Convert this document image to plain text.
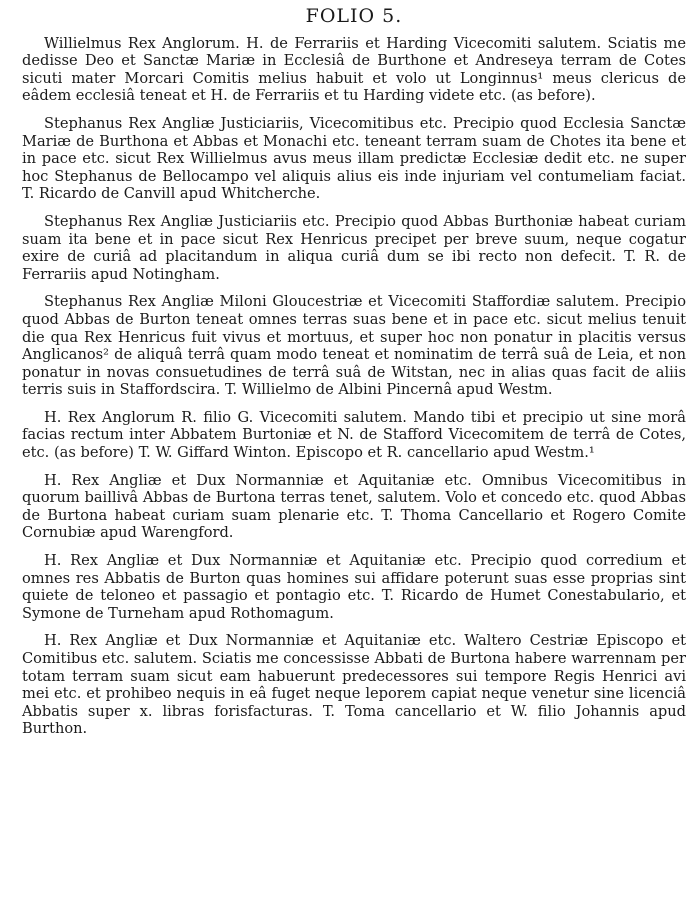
FOLIO 5.

Willielmus Rex Anglorum. H. de Ferrariis et Harding Vicecomiti salutem. Sciatis me dedisse Deo et Sanctæ Mariæ in Ecclesiâ de Burthone et Andreseya terram de Cotes sicuti mater Morcari Comitis melius habuit et volo ut Longinnus¹ meus clericus de eâdem ecclesiâ teneat et H. de Ferrariis et tu Harding videte etc. (as before).

Stephanus Rex Angliæ Justiciariis, Vicecomitibus etc. Precipio quod Ecclesia Sanctæ Mariæ de Burthona et Abbas et Monachi etc. teneant terram suam de Chotes ita bene et in pace etc. sicut Rex Willielmus avus meus illam predictæ Ecclesiæ dedit etc. ne super hoc Stephanus de Bellocampo vel aliquis alius eis inde injuriam vel contumeliam faciat. T. Ricardo de Canvill apud Whitcherche.

Stephanus Rex Angliæ Justiciariis etc. Precipio quod Abbas Burthoniæ habeat curiam suam ita bene et in pace sicut Rex Henricus precipet per breve suum, neque cogatur exire de curiâ ad placitandum in aliqua curiâ dum se ibi recto non defecit. T. R. de Ferrariis apud Notingham.

Stephanus Rex Angliæ Miloni Gloucestriæ et Vicecomiti Staffordiæ salutem. Precipio quod Abbas de Burton teneat omnes terras suas bene et in pace etc. sicut melius tenuit die qua Rex Henricus fuit vivus et mortuus, et super hoc non ponatur in placitis versus Anglicanos² de aliquâ terrâ quam modo teneat et nominatim de terrâ suâ de Leia, et non ponatur in novas consuetudines de terrâ suâ de Witstan, nec in alias quas facit de aliis terris suis in Staffordscira. T. Willielmo de Albini Pincernâ apud Westm.

H. Rex Anglorum R. filio G. Vicecomiti salutem. Mando tibi et precipio ut sine morâ facias rectum inter Abbatem Burtoniæ et N. de Stafford Vicecomitem de terrâ de Cotes, etc. (as before) T. W. Giffard Winton. Episcopo et R. cancellario apud Westm.¹

H. Rex Angliæ et Dux Normanniæ et Aquitaniæ etc. Omnibus Vicecomitibus in quorum baillivâ Abbas de Burtona terras tenet, salutem. Volo et concedo etc. quod Abbas de Burtona habeat curiam suam plenarie etc. T. Thoma Cancellario et Rogero Comite Cornubiæ apud Warengford.

H. Rex Angliæ et Dux Normanniæ et Aquitaniæ etc. Precipio quod corredium et omnes res Abbatis de Burton quas homines sui affidare poterunt suas esse proprias sint quiete de teloneo et passagio et pontagio etc. T. Ricardo de Humet Conestabulario, et Symone de Turneham apud Rothomagum.

H. Rex Angliæ et Dux Normanniæ et Aquitaniæ etc. Waltero Cestriæ Episcopo et Comitibus etc. salutem. Sciatis me concessisse Abbati de Burtona habere warrennam per totam terram suam sicut eam habuerunt predecessores sui tempore Regis Henrici avi mei etc. et prohibeo nequis in eâ fuget neque leporem capiat neque venetur sine licenciâ Abbatis super x. libras forisfacturas. T. Toma cancellario et W. filio Johannis apud Burthon.
